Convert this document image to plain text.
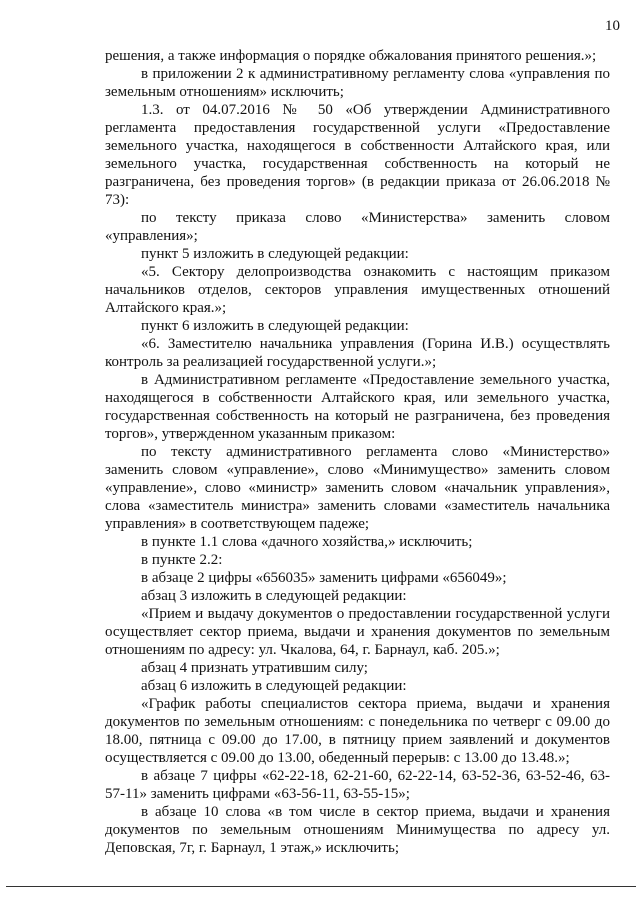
10

решения, а также информация о порядке обжалования принятого решения.»;

в приложении 2 к административному регламенту слова «управления по земельным отношениям» исключить;

1.3. от 04.07.2016 № 50 «Об утверждении Административного регламента предоставления государственной услуги «Предоставление земельного участка, находящегося в собственности Алтайского края, или земельного участка, государственная собственность на который не разграничена, без проведения торгов» (в редакции приказа от 26.06.2018 № 73):

по тексту приказа слово «Министерства» заменить словом «управления»;

пункт 5 изложить в следующей редакции:

«5. Сектору делопроизводства ознакомить с настоящим приказом начальников отделов, секторов управления имущественных отношений Алтайского края.»;

пункт 6 изложить в следующей редакции:

«6. Заместителю начальника управления (Горина И.В.) осуществлять контроль за реализацией государственной услуги.»;

в Административном регламенте «Предоставление земельного участка, находящегося в собственности Алтайского края, или земельного участка, государственная собственность на который не разграничена, без проведения торгов», утвержденном указанным приказом:

по тексту административного регламента слово «Министерство» заменить словом «управление», слово «Минимущество» заменить словом «управление», слово «министр» заменить словом «начальник управления», слова «заместитель министра» заменить словами «заместитель начальника управления» в соответствующем падеже;

в пункте 1.1 слова «дачного хозяйства,» исключить;

в пункте 2.2:

в абзаце 2 цифры «656035» заменить цифрами «656049»;

абзац 3 изложить в следующей редакции:

«Прием и выдачу документов о предоставлении государственной услуги осуществляет сектор приема, выдачи и хранения документов по земельным отношениям по адресу: ул. Чкалова, 64, г. Барнаул, каб. 205.»;

абзац 4 признать утратившим силу;

абзац 6 изложить в следующей редакции:

«График работы специалистов сектора приема, выдачи и хранения документов по земельным отношениям: с понедельника по четверг с 09.00 до 18.00, пятница с 09.00 до 17.00, в пятницу прием заявлений и документов осуществляется с 09.00 до 13.00, обеденный перерыв: с 13.00 до 13.48.»;

в абзаце 7 цифры «62-22-18, 62-21-60, 62-22-14, 63-52-36, 63-52-46, 63-57-11» заменить цифрами «63-56-11, 63-55-15»;

в абзаце 10 слова «в том числе в сектор приема, выдачи и хранения документов по земельным отношениям Минимущества по адресу ул. Деповская, 7г, г. Барнаул, 1 этаж,» исключить;
